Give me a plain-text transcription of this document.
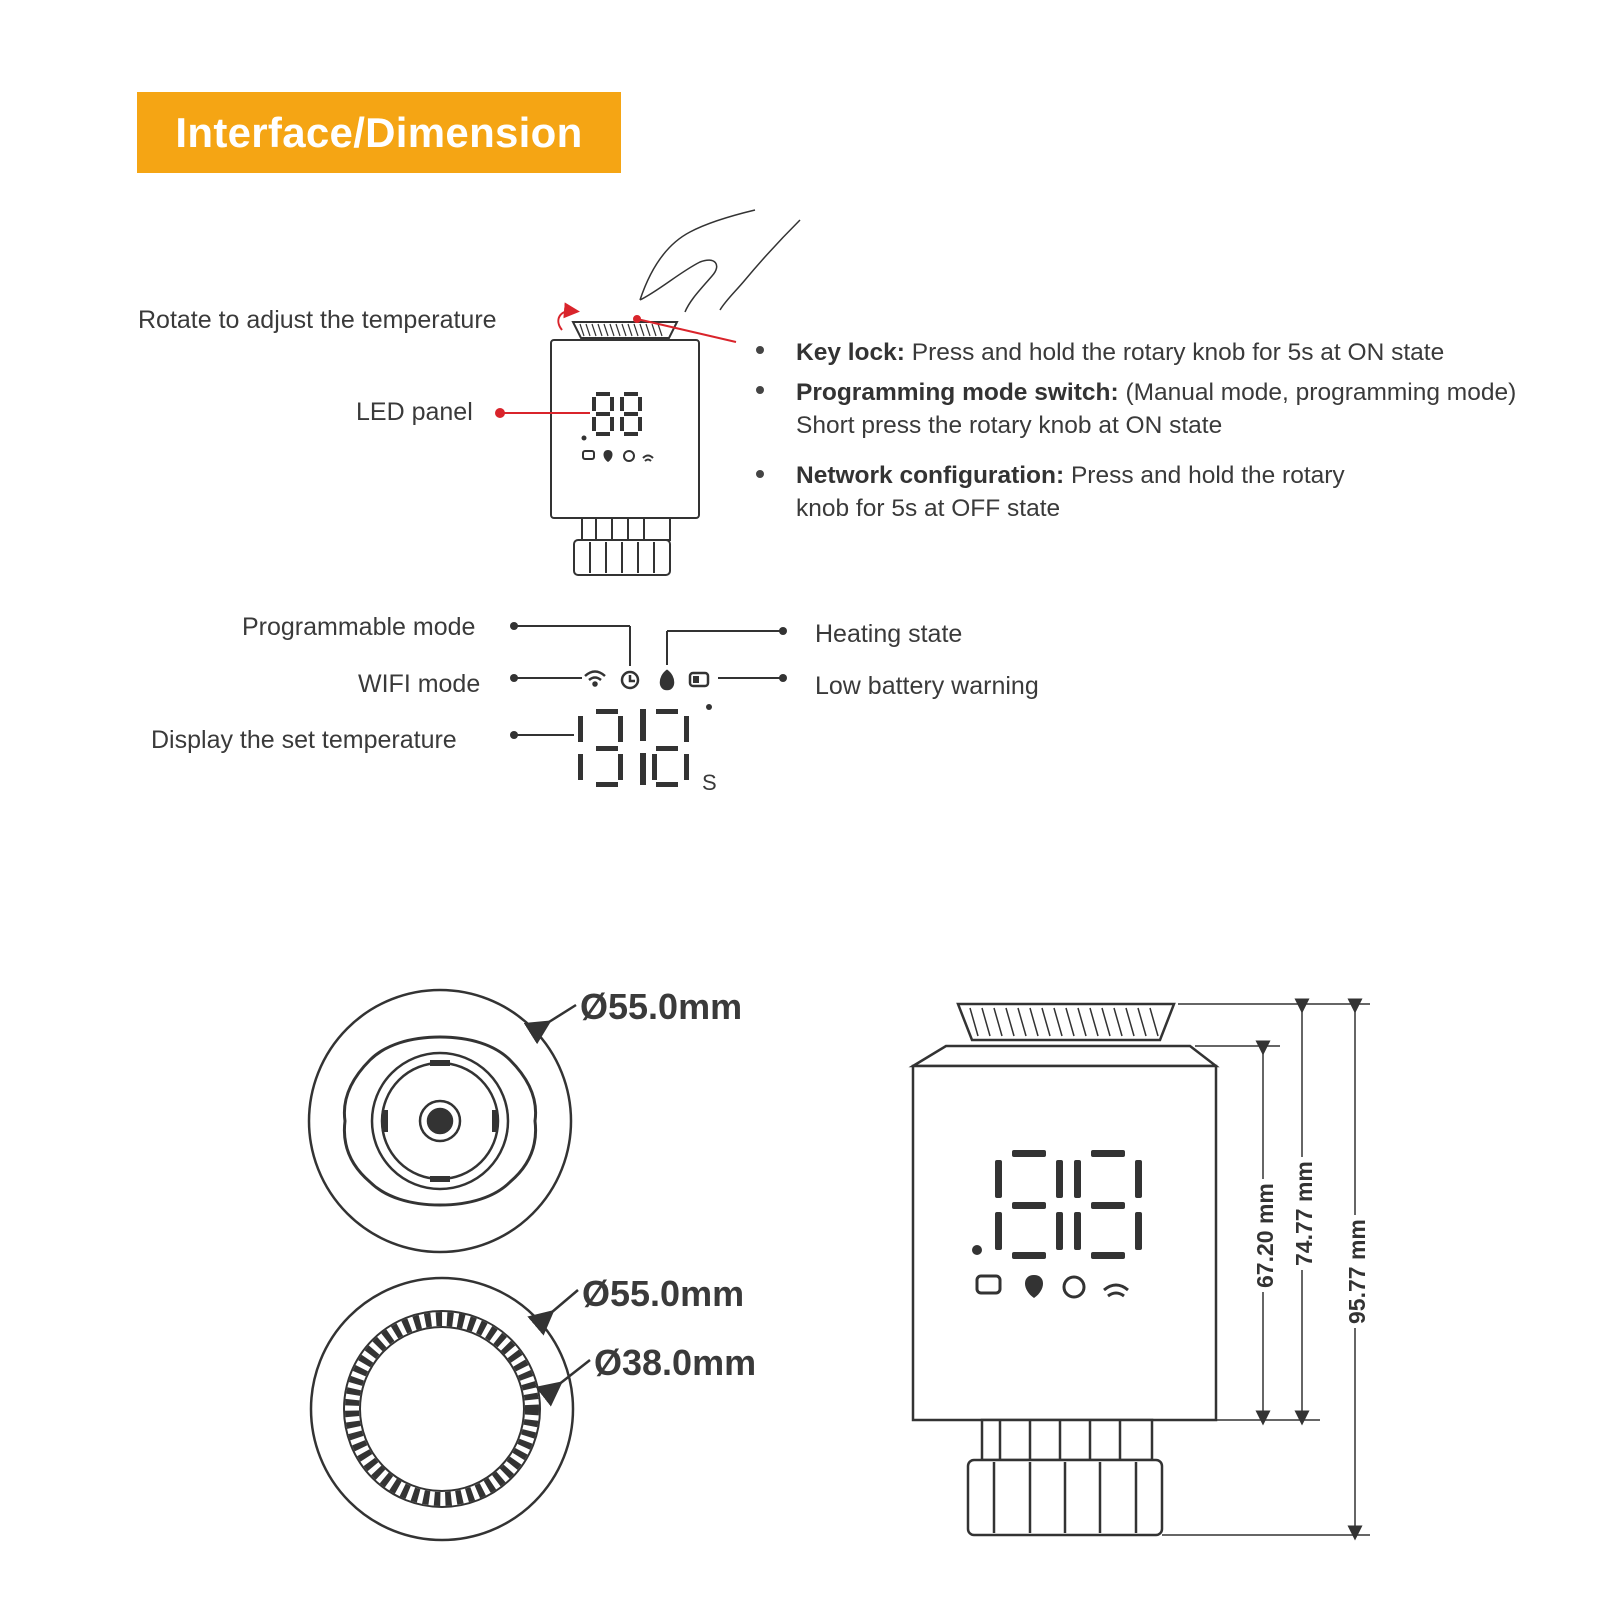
Interface/Dimension
Rotate to adjust the temperature
LED panel
Key lock: Press and hold the rotary knob for 5s at ON state
Programming mode switch: (Manual mode, programming mode)
Short press the rotary knob at ON state
Network configuration: Press and hold the rotary
knob for 5s at OFF state
Programmable mode
WIFI mode
Display the set temperature
Heating state
Low battery warning
S
Ø55.0mm
Ø55.0mm
Ø38.0mm
67.20 mm 74.77 mm
95.77 mm
